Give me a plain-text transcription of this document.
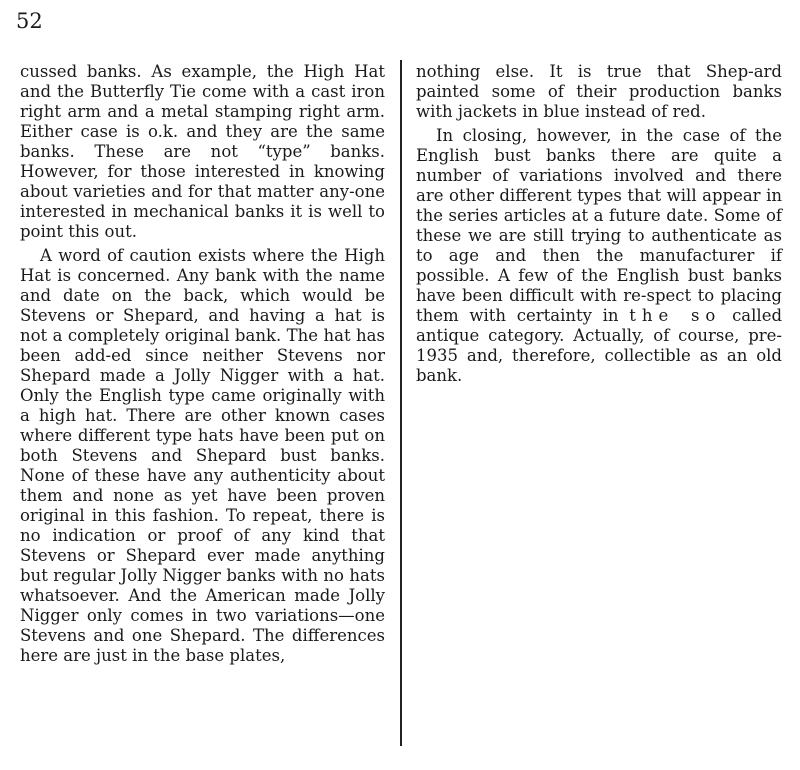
52

cussed banks. As example, the High Hat and the Butterfly Tie come with a cast iron right arm and a metal stamping right arm. Either case is o.k. and they are the same banks. These are not “type” banks. However, for those interested in knowing about varieties and for that matter any-one interested in mechanical banks it is well to point this out.

A word of caution exists where the High Hat is concerned. Any bank with the name and date on the back, which would be Stevens or Shepard, and having a hat is not a completely original bank. The hat has been add-ed since neither Stevens nor Shepard made a Jolly Nigger with a hat. Only the English type came originally with a high hat. There are other known cases where different type hats have been put on both Stevens and Shepard bust banks. None of these have any authenticity about them and none as yet have been proven original in this fashion. To repeat, there is no indication or proof of any kind that Stevens or Shepard ever made anything but regular Jolly Nigger banks with no hats whatsoever. And the American made Jolly Nigger only comes in two variations—one Stevens and one Shepard. The differences here are just in the base plates,

nothing else. It is true that Shep-ard painted some of their production banks with jackets in blue instead of red.

In closing, however, in the case of the English bust banks there are quite a number of variations involved and there are other different types that will appear in the series articles at a future date. Some of these we are still trying to authenticate as to age and then the manufacturer if possible. A few of the English bust banks have been difficult with re-spect to placing them with certainty in the so called antique category. Actually, of course, pre-1935 and, therefore, collectible as an old bank.
